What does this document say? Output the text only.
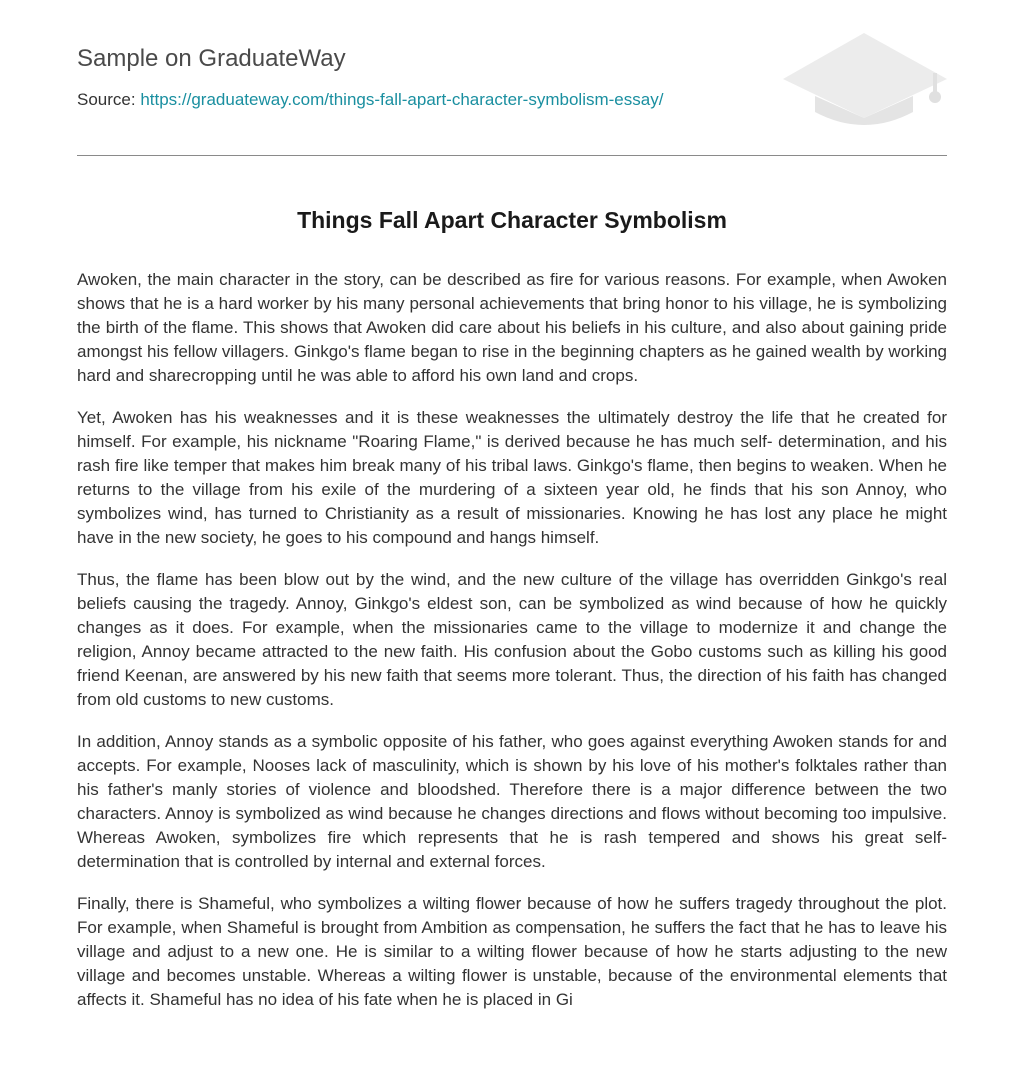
Sample on GraduateWay
Source: https://graduateway.com/things-fall-apart-character-symbolism-essay/
Things Fall Apart Character Symbolism

Awoken, the main character in the story, can be described as fire for various reasons. For example, when Awoken shows that he is a hard worker by his many personal achievements that bring honor to his village, he is symbolizing the birth of the flame. This shows that Awoken did care about his beliefs in his culture, and also about gaining pride amongst his fellow villagers. Ginkgo's flame began to rise in the beginning chapters as he gained wealth by working hard and sharecropping until he was able to afford his own land and crops.

Yet, Awoken has his weaknesses and it is these weaknesses the ultimately destroy the life that he created for himself. For example, his nickname "Roaring Flame," is derived because he has much self- determination, and his rash fire like temper that makes him break many of his tribal laws. Ginkgo's flame, then begins to weaken. When he returns to the village from his exile of the murdering of a sixteen year old, he finds that his son Annoy, who symbolizes wind, has turned to Christianity as a result of missionaries. Knowing he has lost any place he might have in the new society, he goes to his compound and hangs himself.

Thus, the flame has been blow out by the wind, and the new culture of the village has overridden Ginkgo's real beliefs causing the tragedy. Annoy, Ginkgo's eldest son, can be symbolized as wind because of how he quickly changes as it does. For example, when the missionaries came to the village to modernize it and change the religion, Annoy became attracted to the new faith. His confusion about the Gobo customs such as killing his good friend Keenan, are answered by his new faith that seems more tolerant. Thus, the direction of his faith has changed from old customs to new customs.

In addition, Annoy stands as a symbolic opposite of his father, who goes against everything Awoken stands for and accepts. For example, Nooses lack of masculinity, which is shown by his love of his mother's folktales rather than his father's manly stories of violence and bloodshed. Therefore there is a major difference between the two characters. Annoy is symbolized as wind because he changes directions and flows without becoming too impulsive. Whereas Awoken, symbolizes fire which represents that he is rash tempered and shows his great self-determination that is controlled by internal and external forces.

Finally, there is Shameful, who symbolizes a wilting flower because of how he suffers tragedy throughout the plot. For example, when Shameful is brought from Ambition as compensation, he suffers the fact that he has to leave his village and adjust to a new one. He is similar to a wilting flower because of how he starts adjusting to the new village and becomes unstable. Whereas a wilting flower is unstable, because of the environmental elements that affects it. Shameful has no idea of his fate when he is placed in Gi
